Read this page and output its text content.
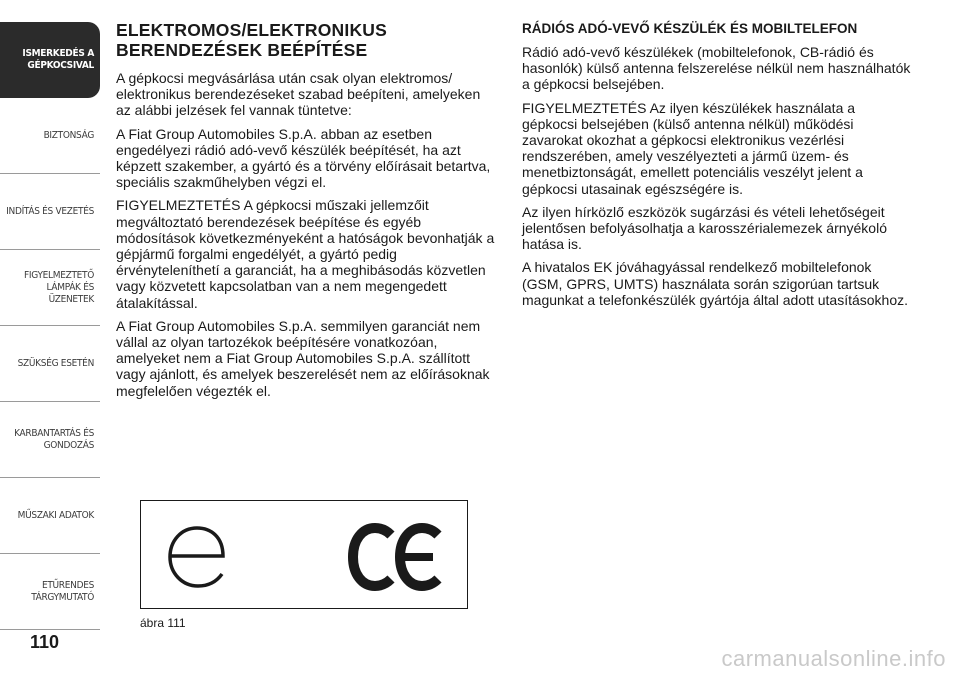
ISMERKEDÉS A
GÉPKOCSIVAL
BIZTONSÁG
INDÍTÁS ÉS VEZETÉS
FIGYELMEZTETŐ
LÁMPÁK ÉS
ÜZENETEK
SZÜKSÉG ESETÉN
KARBANTARTÁS ÉS
GONDOZÁS
MŰSZAKI ADATOK
ETŰRENDES
TÁRGYMUTATÓ
110
ELEKTROMOS/ELEKTRONIKUS BERENDEZÉSEK BEÉPÍTÉSE

A gépkocsi megvásárlása után csak olyan elektromos/ elektronikus berendezéseket szabad beépíteni, amelyeken az alábbi jelzések fel vannak tüntetve:

A Fiat Group Automobiles S.p.A. abban az esetben engedélyezi rádió adó-vevő készülék beépítését, ha azt képzett szakember, a gyártó és a törvény előírásait betartva, speciális szakműhelyben végzi el.

FIGYELMEZTETÉS A gépkocsi műszaki jellemzőit megváltoztató berendezések beépítése és egyéb módosítások következményeként a hatóságok bevonhatják a gépjármű forgalmi engedélyét, a gyártó pedig érvényteleníthetí a garanciát, ha a meghibásodás közvetlen vagy közvetett kapcsolatban van a nem megengedett átalakítással.

A Fiat Group Automobiles S.p.A. semmilyen garanciát nem vállal az olyan tartozékok beépítésére vonatkozóan, amelyeket nem a Fiat Group Automobiles S.p.A. szállított vagy ajánlott, és amelyek beszerelését nem az előírásoknak megfelelően végezték el.

RÁDIÓS ADÓ-VEVŐ KÉSZÜLÉK ÉS MOBILTELEFON

Rádió adó-vevő készülékek (mobiltelefonok, CB-rádió és hasonlók) külső antenna felszerelése nélkül nem használhatók a gépkocsi belsejében.

FIGYELMEZTETÉS Az ilyen készülékek használata a gépkocsi belsejében (külső antenna nélkül) működési zavarokat okozhat a gépkocsi elektronikus vezérlési rendszerében, amely veszélyezteti a jármű üzem- és menetbiztonságát, emellett potenciális veszélyt jelent a gépkocsi utasainak egészségére is.

Az ilyen hírközlő eszközök sugárzási és vételi lehetőségeit jelentősen befolyásolhatja a karosszérialemezek árnyékoló hatása is.

A hivatalos EK jóváhagyással rendelkező mobiltelefonok (GSM, GPRS, UMTS) használata során szigorúan tartsuk magunkat a telefonkészülék gyártója által adott utasításokhoz.

ábra 111
carmanualsonline.info
